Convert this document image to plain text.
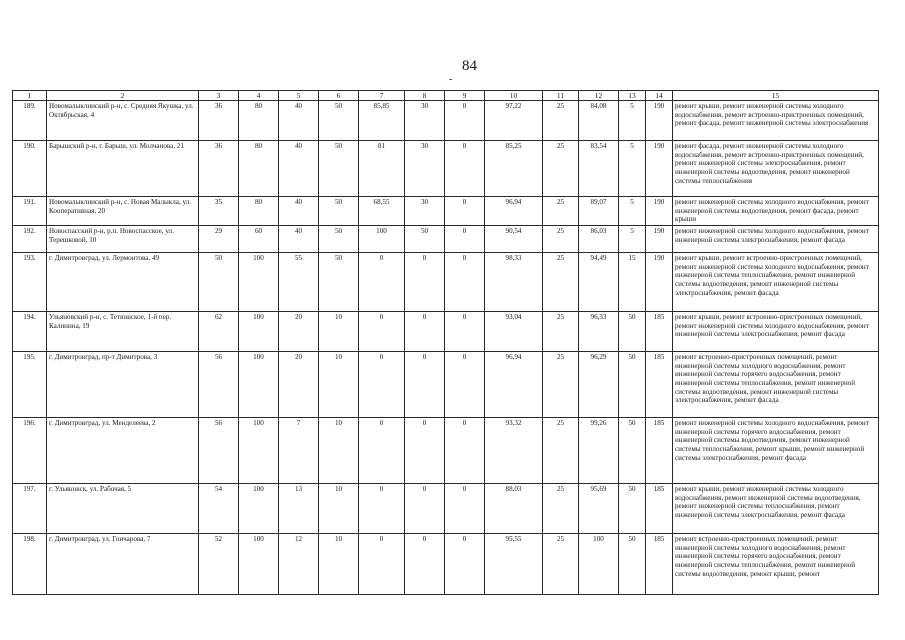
84
-
1	2	3	4	5	6	7	8	9	10	11	12	13	14	15
189.	Новомалыклинский р-н, с. Средняя Якушка, ул. Октябрьская, 4	36	80	40	50	85,85	30	0	97,22	25	84,08	5	190	ремонт крыши, ремонт инженерной системы холодного водоснабжения, ремонт встроенно-пристроенных помещений, ремонт фасада, ремонт инженерной системы электроснабжения
190.	Барышский р-н, г. Барыш, ул. Молчанова, 21	36	80	40	50	81	30	0	85,25	25	83,54	5	190	ремонт фасада, ремонт инженерной системы холодного водоснабжения, ремонт встроенно-пристроенных помещений, ремонт инженерной системы электроснабжения, ремонт инженерной системы водоотведения, ремонт инженерной системы теплоснабжения
191.	Новомалыклинский р-н, с. Новая Малыкла, ул. Кооперативная, 20	35	80	40	50	68,55	30	0	96,94	25	89,07	5	190	ремонт инженерной системы холодного водоснабжения, ремонт инженерной системы водоотведения, ремонт фасада, ремонт крыши
192.	Новоспасский р-н, р.п. Новоспасское, ул. Терешковой, 10	29	60	40	50	100	50	0	90,54	25	86,03	5	190	ремонт инженерной системы холодного водоснабжения, ремонт инженерной системы электроснабжения, ремонт фасада
193.	г. Димитровград, ул. Лермонтова, 49	50	100	55	50	0	0	0	98,33	25	94,49	15	190	ремонт крыши, ремонт встроенно-пристроенных помещений, ремонт инженерной системы холодного водоснабжения, ремонт инженерной системы теплоснабжения, ремонт инженерной системы водоотведения, ремонт инженерной системы электроснабжения, ремонт фасада
194.	Ульяновский р-н, с. Тетюшское, 1-й пер. Калинина, 19	62	100	20	10	0	0	0	93,04	25	96,33	50	185	ремонт крыши, ремонт встроенно-пристроенных помещений, ремонт инженерной системы холодного водоснабжения, ремонт инженерной системы электроснабжения, ремонт фасада
195.	г. Димитровград, пр-т Димитрова, 3	56	100	20	10	0	0	0	96,94	25	96,29	50	185	ремонт встроенно-пристроенных помещений, ремонт инженерной системы холодного водоснабжения, ремонт инженерной системы горячего водоснабжения, ремонт инженерной системы теплоснабжения, ремонт инженерной системы водоотведения, ремонт инженерной системы электроснабжения, ремонт фасада
196.	г. Димитровград, ул. Менделеева, 2	56	100	7	10	0	0	0	93,32	25	99,26	50	185	ремонт инженерной системы холодного водоснабжения, ремонт инженерной системы горячего водоснабжения, ремонт инженерной системы водоотведения, ремонт инженерной системы теплоснабжения, ремонт крыши, ремонт инженерной системы электроснабжения, ремонт фасада
197.	г. Ульяновск, ул. Рабочая, 5	54	100	13	10	0	0	0	88,03	25	95,69	50	185	ремонт крыши, ремонт инженерной системы холодного водоснабжения, ремонт инженерной системы водоотведения, ремонт инженерной системы теплоснабжения, ремонт инженерной системы электроснабжения, ремонт фасада
198.	г. Димитровград, ул. Гончарова, 7	52	100	12	10	0	0	0	95,55	25	100	50	185	ремонт встроенно-пристроенных помещений, ремонт инженерной системы холодного водоснабжения, ремонт инженерной системы горячего водоснабжения, ремонт инженерной системы теплоснабжения, ремонт инженерной системы водоотведения, ремонт крыши, ремонт
